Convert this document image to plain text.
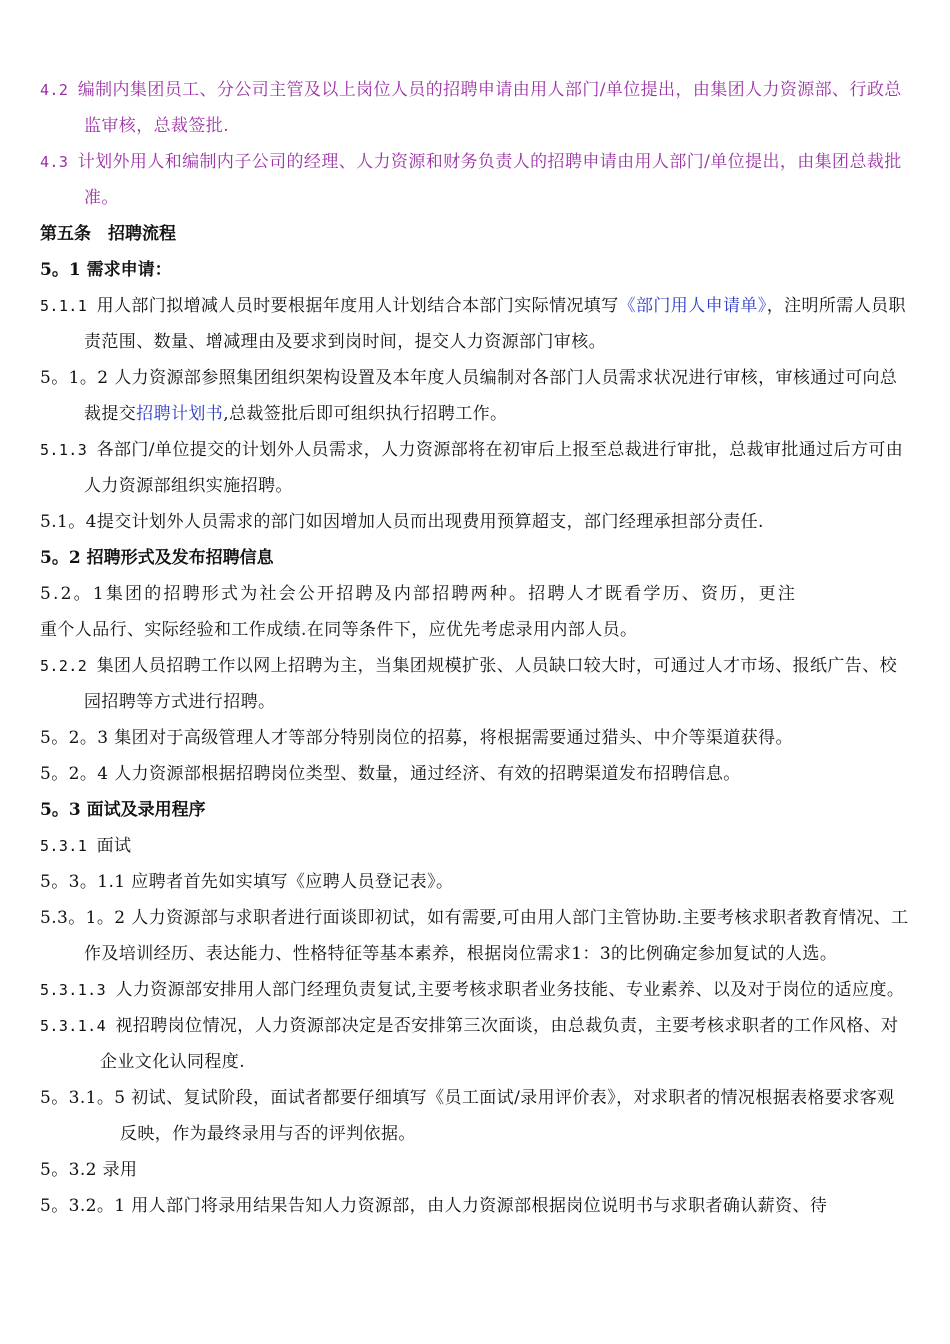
4.2 编制内集团员工、分公司主管及以上岗位人员的招聘申请由用人部门/单位提出，由集团人力资源部、行政总监审核，总裁签批.

4.3 计划外用人和编制内子公司的经理、人力资源和财务负责人的招聘申请由用人部门/单位提出，由集团总裁批准。

第五条　招聘流程

5。1 需求申请：

5.1.1 用人部门拟增减人员时要根据年度用人计划结合本部门实际情况填写《部门用人申请单》，注明所需人员职责范围、数量、增减理由及要求到岗时间，提交人力资源部门审核。

5。1。2 人力资源部参照集团组织架构设置及本年度人员编制对各部门人员需求状况进行审核，审核通过可向总裁提交招聘计划书,总裁签批后即可组织执行招聘工作。

5.1.3 各部门/单位提交的计划外人员需求，人力资源部将在初审后上报至总裁进行审批，总裁审批通过后方可由人力资源部组织实施招聘。

5.1。4提交计划外人员需求的部门如因增加人员而出现费用预算超支，部门经理承担部分责任.

5。2 招聘形式及发布招聘信息

5.2。1集团的招聘形式为社会公开招聘及内部招聘两种。招聘人才既看学历、资历，更注

重个人品行、实际经验和工作成绩.在同等条件下，应优先考虑录用内部人员。

5.2.2 集团人员招聘工作以网上招聘为主，当集团规模扩张、人员缺口较大时，可通过人才市场、报纸广告、校园招聘等方式进行招聘。

5。2。3 集团对于高级管理人才等部分特别岗位的招募，将根据需要通过猎头、中介等渠道获得。

5。2。4 人力资源部根据招聘岗位类型、数量，通过经济、有效的招聘渠道发布招聘信息。

5。3 面试及录用程序

5.3.1 面试

5。3。1.1 应聘者首先如实填写《应聘人员登记表》。

5.3。1。2 人力资源部与求职者进行面谈即初试，如有需要,可由用人部门主管协助.主要考核求职者教育情况、工作及培训经历、表达能力、性格特征等基本素养，根据岗位需求1：3的比例确定参加复试的人选。

5.3.1.3 人力资源部安排用人部门经理负责复试,主要考核求职者业务技能、专业素养、以及对于岗位的适应度。

5.3.1.4 视招聘岗位情况，人力资源部决定是否安排第三次面谈，由总裁负责，主要考核求职者的工作风格、对企业文化认同程度.

5。3.1。5 初试、复试阶段，面试者都要仔细填写《员工面试/录用评价表》，对求职者的情况根据表格要求客观反映，作为最终录用与否的评判依据。

5。3.2 录用

5。3.2。1 用人部门将录用结果告知人力资源部，由人力资源部根据岗位说明书与求职者确认薪资、待
